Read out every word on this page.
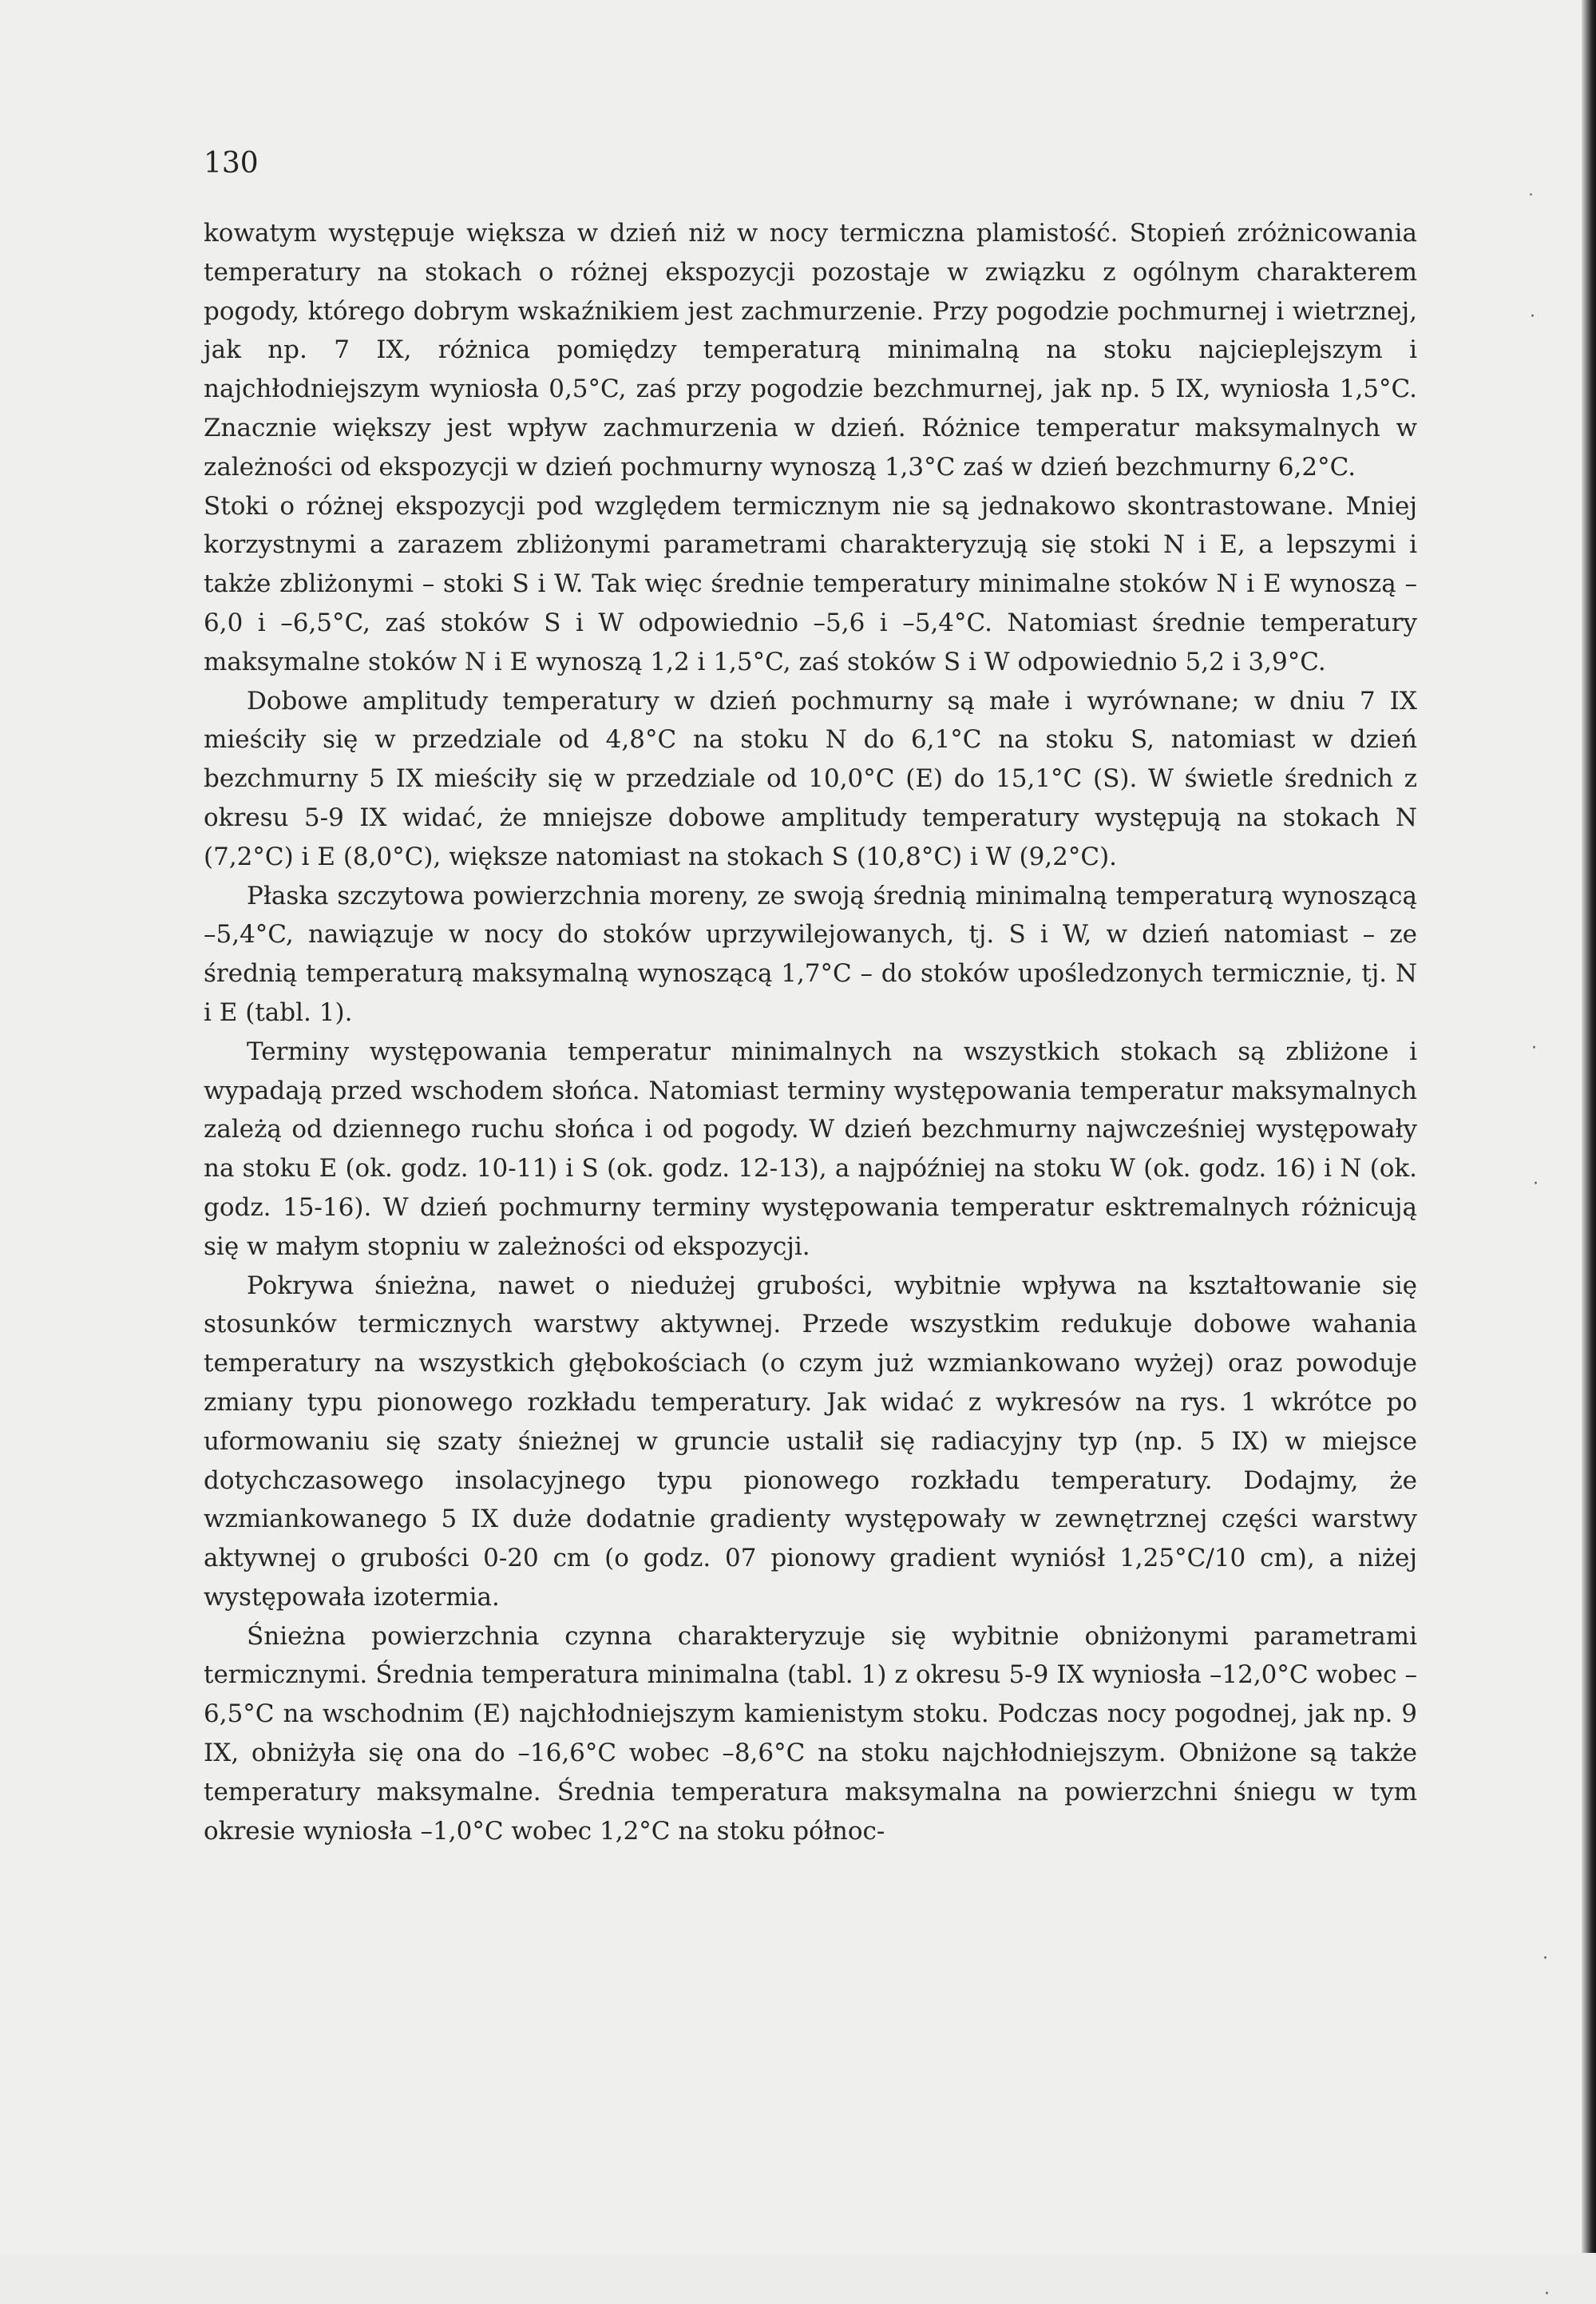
130

kowatym występuje większa w dzień niż w nocy termiczna plamistość. Stopień zróżnicowania temperatury na stokach o różnej ekspozycji pozostaje w związku z ogólnym charakterem pogody, którego dobrym wskaźnikiem jest zachmurzenie. Przy pogodzie pochmurnej i wietrznej, jak np. 7 IX, różnica pomiędzy temperaturą minimalną na stoku najcieplejszym i najchłodniejszym wyniosła 0,5°C, zaś przy pogodzie bezchmurnej, jak np. 5 IX, wyniosła 1,5°C. Znacznie większy jest wpływ zachmurzenia w dzień. Różnice temperatur maksymalnych w zależności od ekspozycji w dzień pochmurny wynoszą 1,3°C zaś w dzień bezchmurny 6,2°C.

Stoki o różnej ekspozycji pod względem termicznym nie są jednakowo skontrastowane. Mniej korzystnymi a zarazem zbliżonymi parametrami charakteryzują się stoki N i E, a lepszymi i także zbliżonymi – stoki S i W. Tak więc średnie temperatury minimalne stoków N i E wynoszą –6,0 i –6,5°C, zaś stoków S i W odpowiednio –5,6 i –5,4°C. Natomiast średnie temperatury maksymalne stoków N i E wynoszą 1,2 i 1,5°C, zaś stoków S i W odpowiednio 5,2 i 3,9°C.

Dobowe amplitudy temperatury w dzień pochmurny są małe i wyrównane; w dniu 7 IX mieściły się w przedziale od 4,8°C na stoku N do 6,1°C na stoku S, natomiast w dzień bezchmurny 5 IX mieściły się w przedziale od 10,0°C (E) do 15,1°C (S). W świetle średnich z okresu 5-9 IX widać, że mniejsze dobowe amplitudy temperatury występują na stokach N (7,2°C) i E (8,0°C), większe natomiast na stokach S (10,8°C) i W (9,2°C).

Płaska szczytowa powierzchnia moreny, ze swoją średnią minimalną temperaturą wynoszącą –5,4°C, nawiązuje w nocy do stoków uprzywilejowanych, tj. S i W, w dzień natomiast – ze średnią temperaturą maksymalną wynoszącą 1,7°C – do stoków upośledzonych termicznie, tj. N i E (tabl. 1).

Terminy występowania temperatur minimalnych na wszystkich stokach są zbliżone i wypadają przed wschodem słońca. Natomiast terminy występowania temperatur maksymalnych zależą od dziennego ruchu słońca i od pogody. W dzień bezchmurny najwcześniej występowały na stoku E (ok. godz. 10-11) i S (ok. godz. 12-13), a najpóźniej na stoku W (ok. godz. 16) i N (ok. godz. 15-16). W dzień pochmurny terminy występowania temperatur esktremalnych różnicują się w małym stopniu w zależności od ekspozycji.

Pokrywa śnieżna, nawet o niedużej grubości, wybitnie wpływa na kształtowanie się stosunków termicznych warstwy aktywnej. Przede wszystkim redukuje dobowe wahania temperatury na wszystkich głębokościach (o czym już wzmiankowano wyżej) oraz powoduje zmiany typu pionowego rozkładu temperatury. Jak widać z wykresów na rys. 1 wkrótce po uformowaniu się szaty śnieżnej w gruncie ustalił się radiacyjny typ (np. 5 IX) w miejsce dotychczasowego insolacyjnego typu pionowego rozkładu temperatury. Dodajmy, że wzmiankowanego 5 IX duże dodatnie gradienty występowały w zewnętrznej części warstwy aktywnej o grubości 0-20 cm (o godz. 07 pionowy gradient wyniósł 1,25°C/10 cm), a niżej występowała izotermia.

Śnieżna powierzchnia czynna charakteryzuje się wybitnie obniżonymi parametrami termicznymi. Średnia temperatura minimalna (tabl. 1) z okresu 5-9 IX wyniosła –12,0°C wobec –6,5°C na wschodnim (E) najchłodniejszym kamienistym stoku. Podczas nocy pogodnej, jak np. 9 IX, obniżyła się ona do –16,6°C wobec –8,6°C na stoku najchłodniejszym. Obniżone są także temperatury maksymalne. Średnia temperatura maksymalna na powierzchni śniegu w tym okresie wyniosła –1,0°C wobec 1,2°C na stoku północ-

˙
·
·
·
·
·
